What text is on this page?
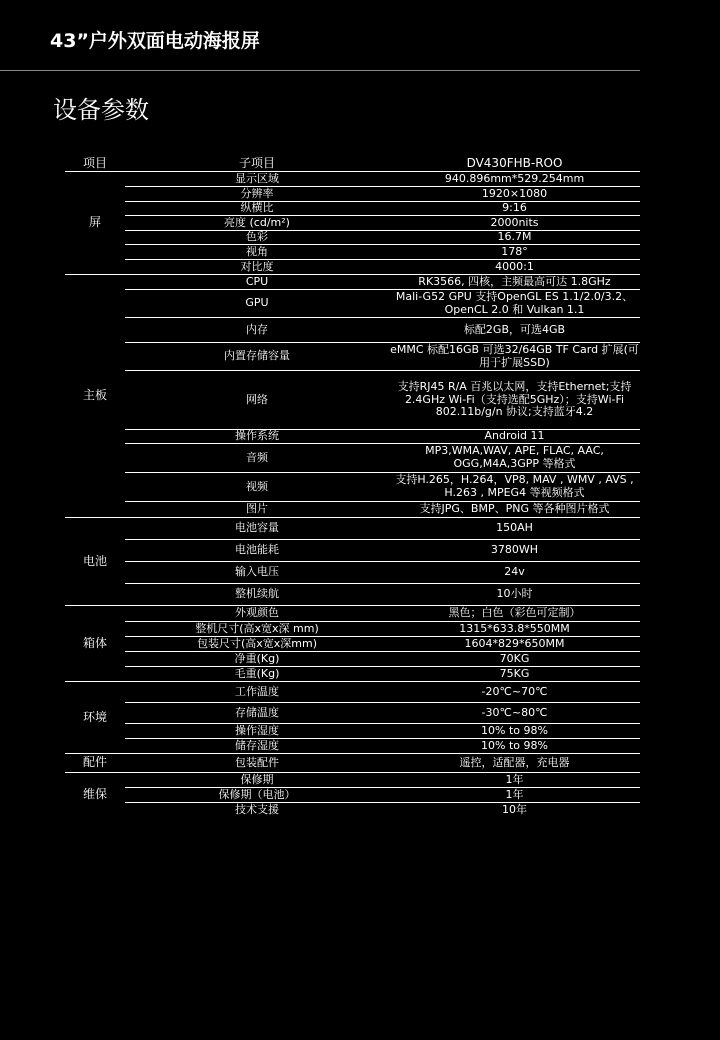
43”户外双面电动海报屏
设备参数
项目	子项目	DV430FHB-ROO
屏	显示区域	940.896mm*529.254mm
	分辨率	1920×1080
	纵横比	9:16
	亮度 (cd/m²)	2000nits
	色彩	16.7M
	视角	178°
	对比度	4000:1
主板	CPU	RK3566, 四核，主频最高可达 1.8GHz
	GPU	Mali-G52 GPU 支持OpenGL ES 1.1/2.0/3.2、OpenCL 2.0 和 Vulkan 1.1
	内存	标配2GB，可选4GB
	内置存储容量	eMMC 标配16GB 可选32/64GB TF Card 扩展(可用于扩展SSD)
	网络	支持RJ45 R/A 百兆以太网，支持Ethernet;支持2.4GHz Wi-Fi（支持选配5GHz）；支持Wi-Fi 802.11b/g/n 协议;支持蓝牙4.2
	操作系统	Android 11
	音频	MP3,WMA,WAV, APE, FLAC, AAC, OGG,M4A,3GPP 等格式
	视频	支持H.265，H.264，VP8, MAV , WMV , AVS , H.263 , MPEG4 等视频格式
	图片	支持JPG、BMP、PNG 等各种图片格式
电池	电池容量	150AH
	电池能耗	3780WH
	输入电压	24v
	整机续航	10小时
箱体	外观颜色	黑色；白色（彩色可定制）
	整机尺寸(高x宽x深 mm)	1315*633.8*550MM
	包装尺寸(高x宽x深mm)	1604*829*650MM
	净重(Kg)	70KG
	毛重(Kg)	75KG
环境	工作温度	-20℃~70℃
	存储温度	-30℃~80℃
	操作湿度	10% to 98%
	储存湿度	10% to 98%
配件	包装配件	遥控，适配器，充电器
维保	保修期	1年
	保修期（电池）	1年
	技术支援	10年
